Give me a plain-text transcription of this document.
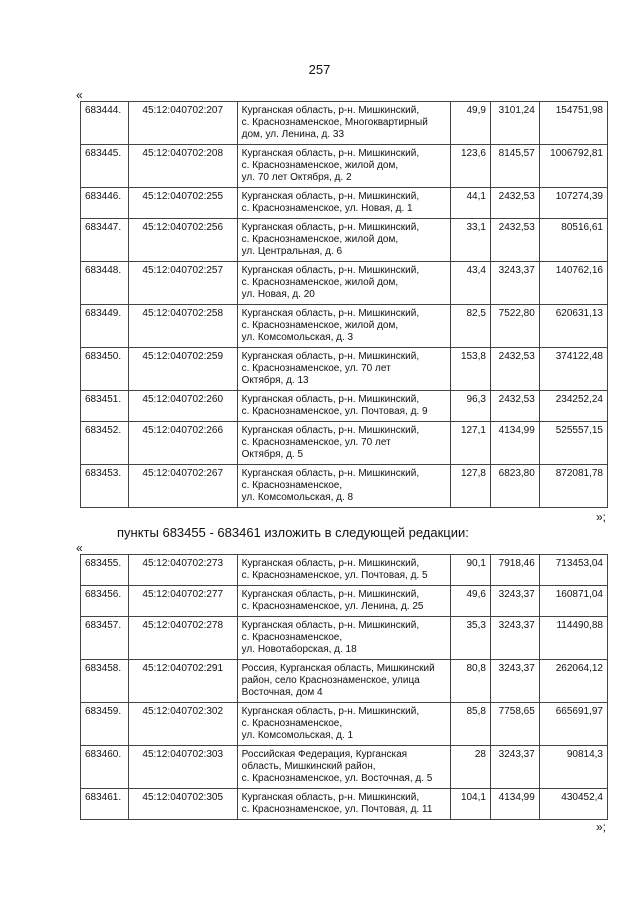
257
«
683444.	45:12:040702:207	Курганская область, р-н. Мишкинский,
с. Краснознаменское, Многоквартирный
дом, ул. Ленина, д. 33	49,9	3101,24	154751,98
683445.	45:12:040702:208	Курганская область, р-н. Мишкинский,
с. Краснознаменское, жилой дом,
ул. 70 лет Октября, д. 2	123,6	8145,57	1006792,81
683446.	45:12:040702:255	Курганская область, р-н. Мишкинский,
с. Краснознаменское, ул. Новая, д. 1	44,1	2432,53	107274,39
683447.	45:12:040702:256	Курганская область, р-н. Мишкинский,
с. Краснознаменское, жилой дом,
ул. Центральная, д. 6	33,1	2432,53	80516,61
683448.	45:12:040702:257	Курганская область, р-н. Мишкинский,
с. Краснознаменское, жилой дом,
ул. Новая, д. 20	43,4	3243,37	140762,16
683449.	45:12:040702:258	Курганская область, р-н. Мишкинский,
с. Краснознаменское, жилой дом,
ул. Комсомольская, д. 3	82,5	7522,80	620631,13
683450.	45:12:040702:259	Курганская область, р-н. Мишкинский,
с. Краснознаменское, ул. 70 лет
Октября, д. 13	153,8	2432,53	374122,48
683451.	45:12:040702:260	Курганская область, р-н. Мишкинский,
с. Краснознаменское, ул. Почтовая, д. 9	96,3	2432,53	234252,24
683452.	45:12:040702:266	Курганская область, р-н. Мишкинский,
с. Краснознаменское, ул. 70 лет
Октября, д. 5	127,1	4134,99	525557,15
683453.	45:12:040702:267	Курганская область, р-н. Мишкинский,
с. Краснознаменское,
ул. Комсомольская, д. 8	127,8	6823,80	872081,78
»;
пункты 683455 - 683461 изложить в следующей редакции:
«
683455.	45:12:040702:273	Курганская область, р-н. Мишкинский,
с. Краснознаменское, ул. Почтовая, д. 5	90,1	7918,46	713453,04
683456.	45:12:040702:277	Курганская область, р-н. Мишкинский,
с. Краснознаменское, ул. Ленина, д. 25	49,6	3243,37	160871,04
683457.	45:12:040702:278	Курганская область, р-н. Мишкинский,
с. Краснознаменское,
ул. Новотаборская, д. 18	35,3	3243,37	114490,88
683458.	45:12:040702:291	Россия, Курганская область, Мишкинский
район, село Краснознаменское, улица
Восточная, дом 4	80,8	3243,37	262064,12
683459.	45:12:040702:302	Курганская область, р-н. Мишкинский,
с. Краснознаменское,
ул. Комсомольская, д. 1	85,8	7758,65	665691,97
683460.	45:12:040702:303	Российская Федерация, Курганская
область, Мишкинский район,
с. Краснознаменское, ул. Восточная, д. 5	28	3243,37	90814,3
683461.	45:12:040702:305	Курганская область, р-н. Мишкинский,
с. Краснознаменское, ул. Почтовая, д. 11	104,1	4134,99	430452,4
»;
